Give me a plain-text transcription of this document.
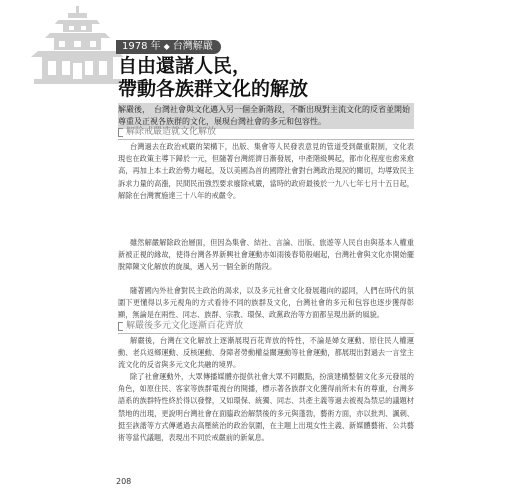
1978 年 ◆ 台灣解嚴
自由還諸人民，
帶動各族群文化的解放
解嚴後， 台灣社會與文化邁入另一個全新階段，不斷出現對主流文化的反省並開始尊重及正視各族群的文化，展現台灣社會的多元和包容性。
解除戒嚴造就文化解放

台灣過去在政治戒嚴的架構下，出版、集會等人民發表意見的管道受到嚴重限制，文化表現也在政策主導下歸於一元，但隨著台灣經濟日漸發展，中產階級興起，都市化程度也愈來愈高，再加上本土政治勢力崛起，及以美國為首的國際社會對台灣政治現況的關切，均導致民主訴求力量的高漲，民間民而強烈要求廢除戒嚴，當時的政府最後於一九八七年七月十五日起，解除在台灣實施達三十八年的戒嚴令。

雖然解嚴解除政治層面，但因為集會、結社、言論、出版、旅遊等人民自由與基本人權重新被正視的緣故，使得台灣各界新興社會運動亦如雨後春筍般崛起，台灣社會與文化亦開始擺脫障陳文化解放的旋風，邁入另一個全新的階段。

隨著國內外社會對民主政治的渴求，以及多元社會文化發展趨向的認同，人們在時代的氛圍下更懂得以多元視角的方式看待不同的族群及文化，台灣社會的多元和包容也逐步獲得彰顯，無論是在兩性、同志、族群、宗教、環保、政黨政治等方面都呈現出新的風貌。

解嚴後多元文化逐漸百花齊放

解嚴後，台灣在文化解放上逐漸展現百花齊放的特性，不論是婦女運動、原住民人權運動、老兵返鄉運動、反核運動、身障者勞動權益關運動等社會運動，都展現出對過去一言堂主流文化的反省與多元文化共融的境界。

除了社會運動外，大眾傳播媒體亦提供社會大眾不同觀點，扮演建構整個文化多元發展的角色，如原住民、客家等族群電視台的開播，標示著各族群文化獲得前所未有的尊重，台灣多語系的族群特性終於得以發聲，又如環保、統獨、同志、共產主義等過去被視為禁忌的議題材禁地的出現，更說明台灣社會在面臨政治解禁後的多元與蓬勃，藝術方面，亦以批判、諷刺、挺至詼諧等方式傳遞過去高壓統治的政治氛圍，在主題上出現女性主義、新媒體藝術、公共藝術等當代議題，表現出不同於戒嚴前的新氣息。

208
